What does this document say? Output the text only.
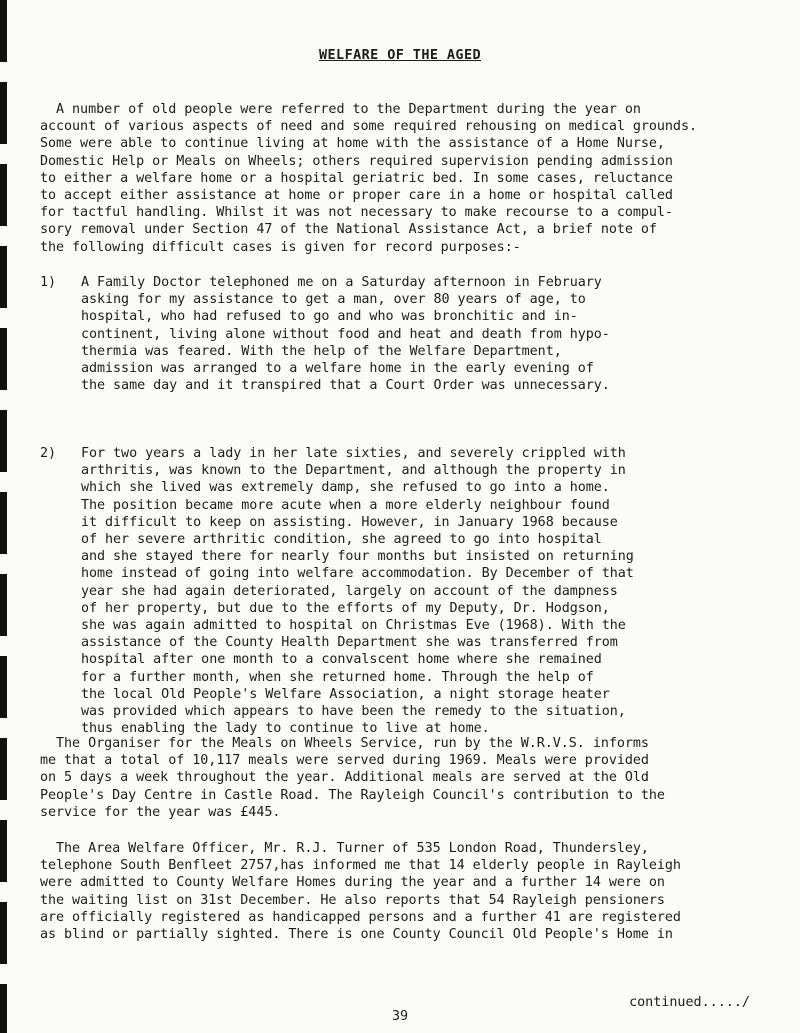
WELFARE OF THE AGED
A number of old people were referred to the Department during the year on
account of various aspects of need and some required rehousing on medical grounds.
Some were able to continue living at home with the assistance of a Home Nurse,
Domestic Help or Meals on Wheels; others required supervision pending admission
to either a welfare home or a hospital geriatric bed. In some cases, reluctance
to accept either assistance at home or proper care in a home or hospital called
for tactful handling. Whilst it was not necessary to make recourse to a compul-
sory removal under Section 47 of the National Assistance Act, a brief note of
the following difficult cases is given for record purposes:-
1) A Family Doctor telephoned me on a Saturday afternoon in February
asking for my assistance to get a man, over 80 years of age, to
hospital, who had refused to go and who was bronchitic and in-
continent, living alone without food and heat and death from hypo-
thermia was feared. With the help of the Welfare Department,
admission was arranged to a welfare home in the early evening of
the same day and it transpired that a Court Order was unnecessary.
2) For two years a lady in her late sixties, and severely crippled with
arthritis, was known to the Department, and although the property in
which she lived was extremely damp, she refused to go into a home.
The position became more acute when a more elderly neighbour found
it difficult to keep on assisting. However, in January 1968 because
of her severe arthritic condition, she agreed to go into hospital
and she stayed there for nearly four months but insisted on returning
home instead of going into welfare accommodation. By December of that
year she had again deteriorated, largely on account of the dampness
of her property, but due to the efforts of my Deputy, Dr. Hodgson,
she was again admitted to hospital on Christmas Eve (1968). With the
assistance of the County Health Department she was transferred from
hospital after one month to a convalscent home where she remained
for a further month, when she returned home. Through the help of
the local Old People's Welfare Association, a night storage heater
was provided which appears to have been the remedy to the situation,
thus enabling the lady to continue to live at home.
The Organiser for the Meals on Wheels Service, run by the W.R.V.S. informs
me that a total of 10,117 meals were served during 1969. Meals were provided
on 5 days a week throughout the year. Additional meals are served at the Old
People's Day Centre in Castle Road. The Rayleigh Council's contribution to the
service for the year was £445.
The Area Welfare Officer, Mr. R.J. Turner of 535 London Road, Thundersley,
telephone South Benfleet 2757,has informed me that 14 elderly people in Rayleigh
were admitted to County Welfare Homes during the year and a further 14 were on
the waiting list on 31st December. He also reports that 54 Rayleigh pensioners
are officially registered as handicapped persons and a further 41 are registered
as blind or partially sighted. There is one County Council Old People's Home in
continued...../
39
